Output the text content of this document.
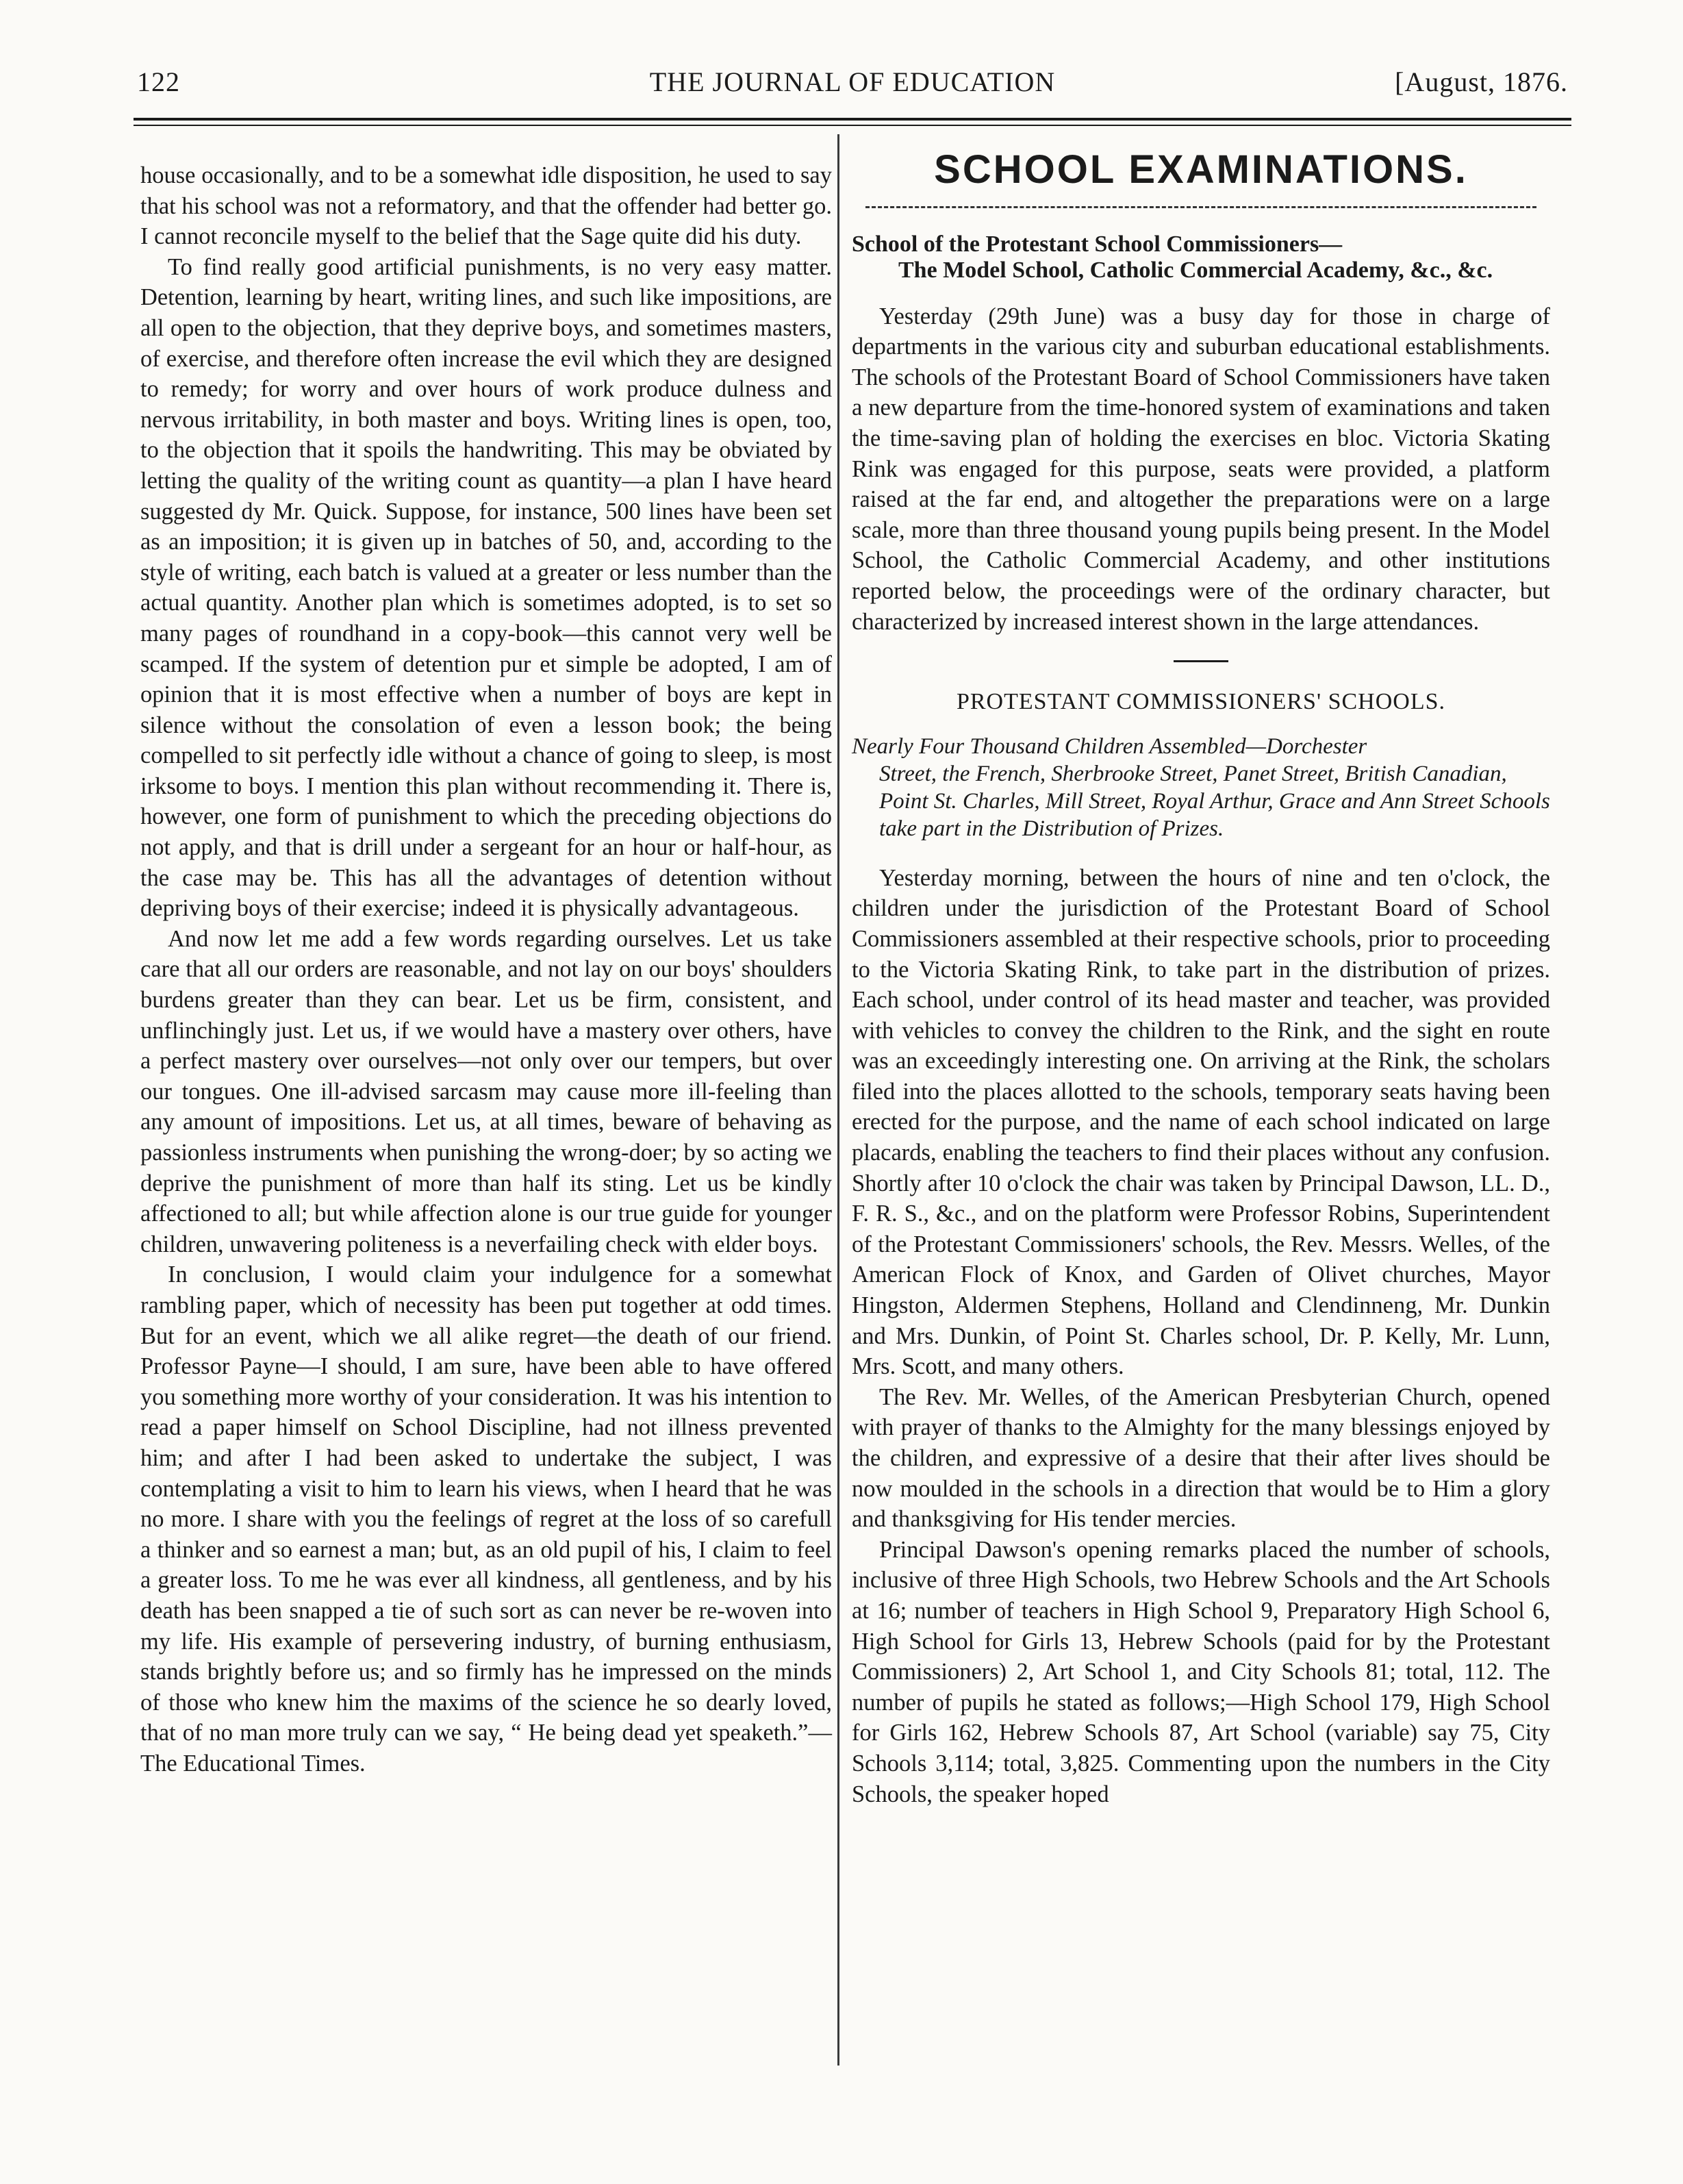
122	THE JOURNAL OF EDUCATION	[August, 1876.

house occasionally, and to be a somewhat idle disposition, he used to say that his school was not a reformatory, and that the offender had better go. I cannot reconcile myself to the belief that the Sage quite did his duty.

To find really good artificial punishments, is no very easy matter. Detention, learning by heart, writing lines, and such like impositions, are all open to the objection, that they deprive boys, and sometimes masters, of exercise, and therefore often increase the evil which they are designed to remedy; for worry and over hours of work produce dulness and nervous irritability, in both master and boys. Writing lines is open, too, to the objection that it spoils the handwriting. This may be obviated by letting the quality of the writing count as quantity—a plan I have heard suggested dy Mr. Quick. Suppose, for instance, 500 lines have been set as an imposition; it is given up in batches of 50, and, according to the style of writing, each batch is valued at a greater or less number than the actual quantity. Another plan which is sometimes adopted, is to set so many pages of roundhand in a copy-book—this cannot very well be scamped. If the system of detention pur et simple be adopted, I am of opinion that it is most effective when a number of boys are kept in silence without the consolation of even a lesson book; the being compelled to sit perfectly idle without a chance of going to sleep, is most irksome to boys. I mention this plan without recommending it. There is, however, one form of punishment to which the preceding objections do not apply, and that is drill under a sergeant for an hour or half-hour, as the case may be. This has all the advantages of detention without depriving boys of their exercise; indeed it is physically advantageous.

And now let me add a few words regarding ourselves. Let us take care that all our orders are reasonable, and not lay on our boys' shoulders burdens greater than they can bear. Let us be firm, consistent, and unflinchingly just. Let us, if we would have a mastery over others, have a perfect mastery over ourselves—not only over our tempers, but over our tongues. One ill-advised sarcasm may cause more ill-feeling than any amount of impositions. Let us, at all times, beware of behaving as passionless instruments when punishing the wrong-doer; by so acting we deprive the punishment of more than half its sting. Let us be kindly affectioned to all; but while affection alone is our true guide for younger children, unwavering politeness is a neverfailing check with elder boys.

In conclusion, I would claim your indulgence for a somewhat rambling paper, which of necessity has been put together at odd times. But for an event, which we all alike regret—the death of our friend. Professor Payne—I should, I am sure, have been able to have offered you something more worthy of your consideration. It was his intention to read a paper himself on School Discipline, had not illness prevented him; and after I had been asked to undertake the subject, I was contemplating a visit to him to learn his views, when I heard that he was no more. I share with you the feelings of regret at the loss of so carefull a thinker and so earnest a man; but, as an old pupil of his, I claim to feel a greater loss. To me he was ever all kindness, all gentleness, and by his death has been snapped a tie of such sort as can never be re-woven into my life. His example of persevering industry, of burning enthusiasm, stands brightly before us; and so firmly has he impressed on the minds of those who knew him the maxims of the science he so dearly loved, that of no man more truly can we say, “ He being dead yet speaketh.”—The Educational Times.

SCHOOL EXAMINATIONS.
School of the Protestant School Commissioners—
The Model School, Catholic Commercial Academy, &c., &c.

Yesterday (29th June) was a busy day for those in charge of departments in the various city and suburban educational establishments. The schools of the Protestant Board of School Commissioners have taken a new departure from the time-honored system of examinations and taken the time-saving plan of holding the exercises en bloc. Victoria Skating Rink was engaged for this purpose, seats were provided, a platform raised at the far end, and altogether the preparations were on a large scale, more than three thousand young pupils being present. In the Model School, the Catholic Commercial Academy, and other institutions reported below, the proceedings were of the ordinary character, but characterized by increased interest shown in the large attendances.

PROTESTANT COMMISSIONERS' SCHOOLS.
Nearly Four Thousand Children Assembled—Dorchester
Street, the French, Sherbrooke Street, Panet Street, British Canadian, Point St. Charles, Mill Street, Royal Arthur, Grace and Ann Street Schools take part in the Distribution of Prizes.

Yesterday morning, between the hours of nine and ten o'clock, the children under the jurisdiction of the Protestant Board of School Commissioners assembled at their respective schools, prior to proceeding to the Victoria Skating Rink, to take part in the distribution of prizes. Each school, under control of its head master and teacher, was provided with vehicles to convey the children to the Rink, and the sight en route was an exceedingly interesting one. On arriving at the Rink, the scholars filed into the places allotted to the schools, temporary seats having been erected for the purpose, and the name of each school indicated on large placards, enabling the teachers to find their places without any confusion. Shortly after 10 o'clock the chair was taken by Principal Dawson, LL. D., F. R. S., &c., and on the platform were Professor Robins, Superintendent of the Protestant Commissioners' schools, the Rev. Messrs. Welles, of the American Flock of Knox, and Garden of Olivet churches, Mayor Hingston, Aldermen Stephens, Holland and Clendinneng, Mr. Dunkin and Mrs. Dunkin, of Point St. Charles school, Dr. P. Kelly, Mr. Lunn, Mrs. Scott, and many others.

The Rev. Mr. Welles, of the American Presbyterian Church, opened with prayer of thanks to the Almighty for the many blessings enjoyed by the children, and expressive of a desire that their after lives should be now moulded in the schools in a direction that would be to Him a glory and thanksgiving for His tender mercies.

Principal Dawson's opening remarks placed the number of schools, inclusive of three High Schools, two Hebrew Schools and the Art Schools at 16; number of teachers in High School 9, Preparatory High School 6, High School for Girls 13, Hebrew Schools (paid for by the Protestant Commissioners) 2, Art School 1, and City Schools 81; total, 112. The number of pupils he stated as follows;—High School 179, High School for Girls 162, Hebrew Schools 87, Art School (variable) say 75, City Schools 3,114; total, 3,825. Commenting upon the numbers in the City Schools, the speaker hoped
